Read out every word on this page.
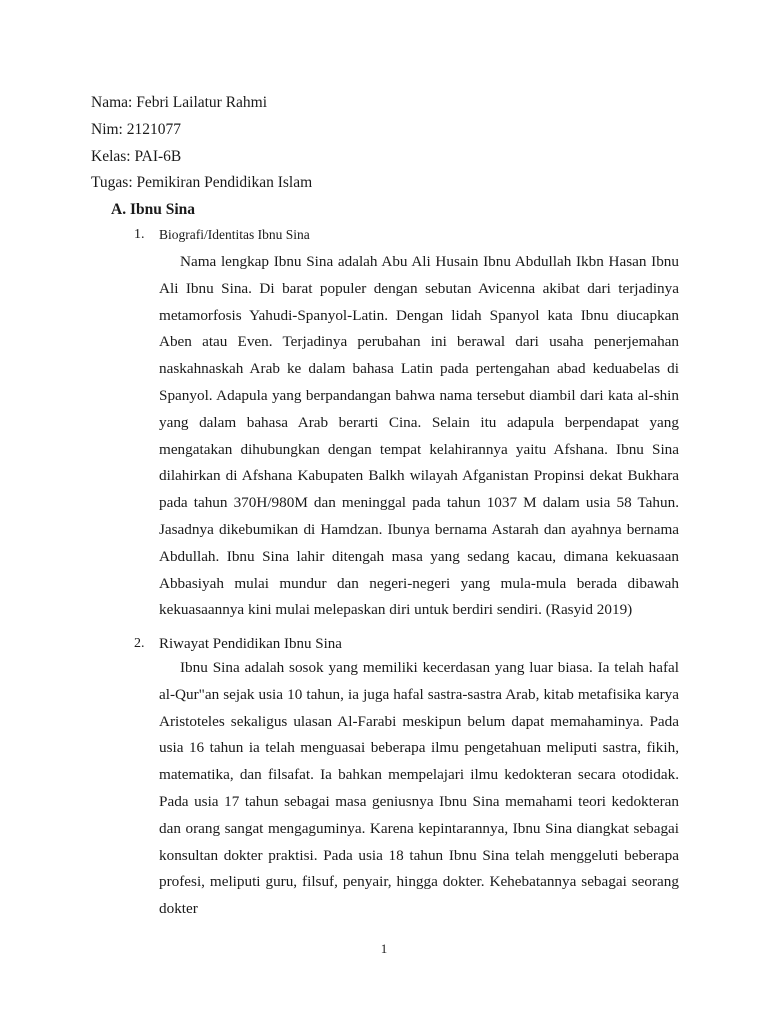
Nama: Febri Lailatur Rahmi
Nim: 2121077
Kelas: PAI-6B
Tugas: Pemikiran Pendidikan Islam
A. Ibnu Sina
1. Biografi/Identitas Ibnu Sina

Nama lengkap Ibnu Sina adalah Abu Ali Husain Ibnu Abdullah Ikbn Hasan Ibnu Ali Ibnu Sina. Di barat populer dengan sebutan Avicenna akibat dari terjadinya metamorfosis Yahudi-Spanyol-Latin. Dengan lidah Spanyol kata Ibnu diucapkan Aben atau Even. Terjadinya perubahan ini berawal dari usaha penerjemahan naskahnaskah Arab ke dalam bahasa Latin pada pertengahan abad keduabelas di Spanyol. Adapula yang berpandangan bahwa nama tersebut diambil dari kata al-shin yang dalam bahasa Arab berarti Cina. Selain itu adapula berpendapat yang mengatakan dihubungkan dengan tempat kelahirannya yaitu Afshana. Ibnu Sina dilahirkan di Afshana Kabupaten Balkh wilayah Afganistan Propinsi dekat Bukhara pada tahun 370H/980M dan meninggal pada tahun 1037 M dalam usia 58 Tahun. Jasadnya dikebumikan di Hamdzan. Ibunya bernama Astarah dan ayahnya bernama Abdullah. Ibnu Sina lahir ditengah masa yang sedang kacau, dimana kekuasaan Abbasiyah mulai mundur dan negeri-negeri yang mula-mula berada dibawah kekuasaannya kini mulai melepaskan diri untuk berdiri sendiri. (Rasyid 2019)

2. Riwayat Pendidikan Ibnu Sina

Ibnu Sina adalah sosok yang memiliki kecerdasan yang luar biasa. Ia telah hafal al-Qur"an sejak usia 10 tahun, ia juga hafal sastra-sastra Arab, kitab metafisika karya Aristoteles sekaligus ulasan Al-Farabi meskipun belum dapat memahaminya. Pada usia 16 tahun ia telah menguasai beberapa ilmu pengetahuan meliputi sastra, fikih, matematika, dan filsafat. Ia bahkan mempelajari ilmu kedokteran secara otodidak. Pada usia 17 tahun sebagai masa geniusnya Ibnu Sina memahami teori kedokteran dan orang sangat mengaguminya. Karena kepintarannya, Ibnu Sina diangkat sebagai konsultan dokter praktisi. Pada usia 18 tahun Ibnu Sina telah menggeluti beberapa profesi, meliputi guru, filsuf, penyair, hingga dokter. Kehebatannya sebagai seorang dokter

1
